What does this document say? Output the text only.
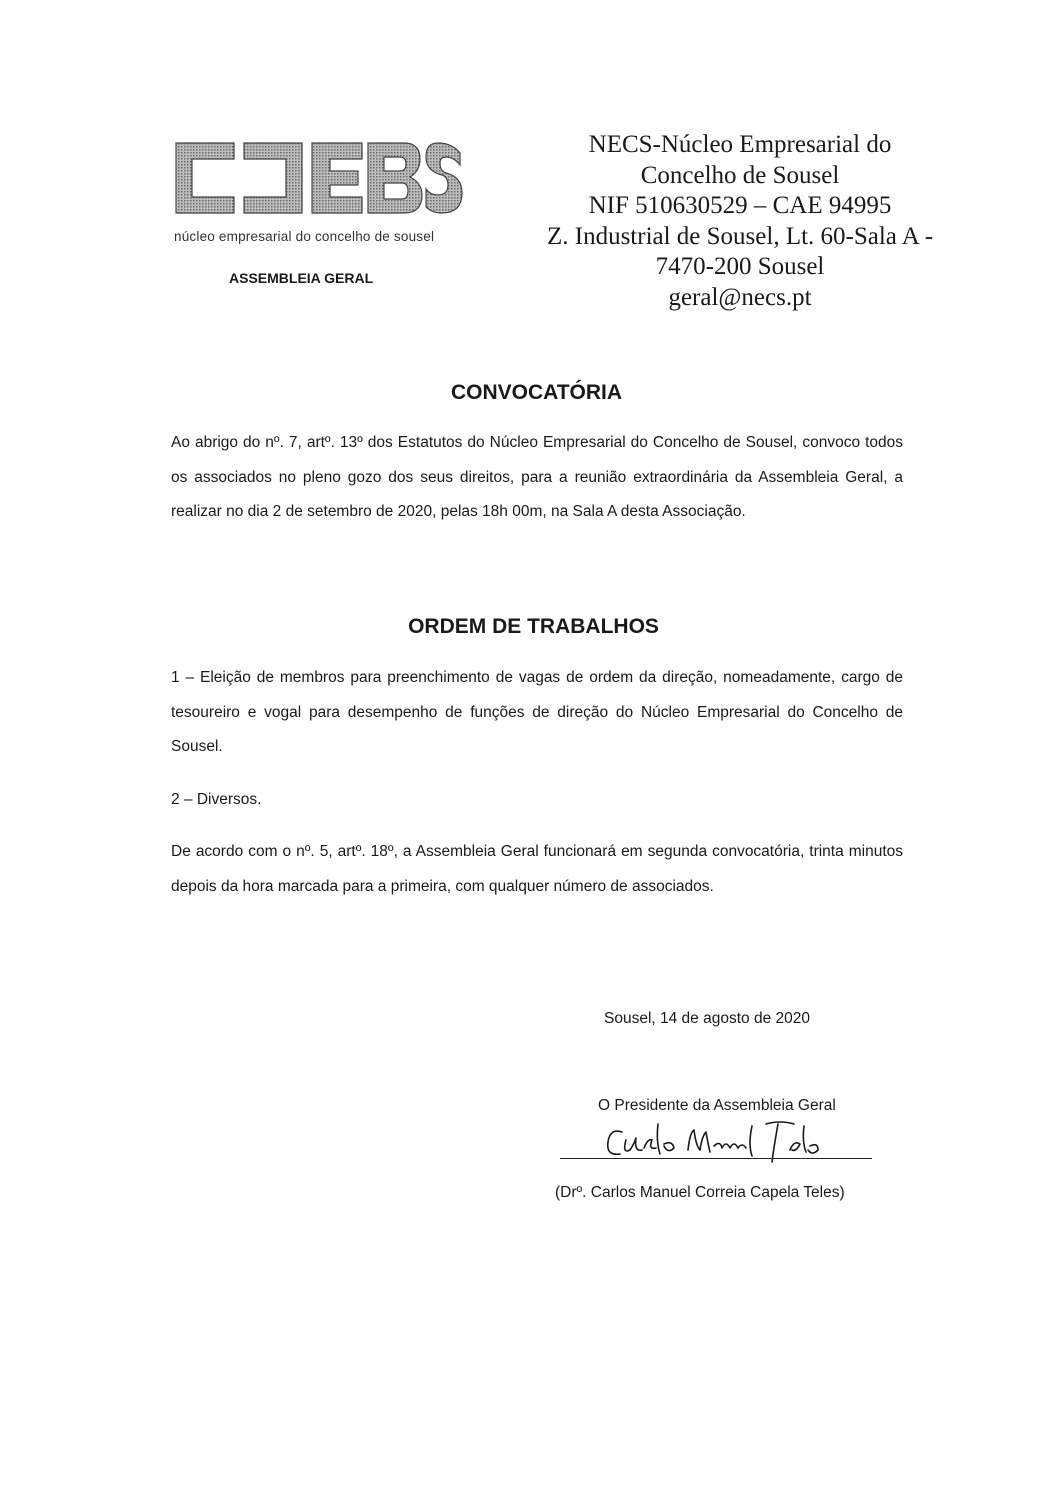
núcleo empresarial do concelho de sousel
ASSEMBLEIA GERAL
NECS-Núcleo Empresarial do
Concelho de Sousel
NIF 510630529 – CAE 94995
Z. Industrial de Sousel, Lt. 60-Sala A -
7470-200 Sousel
geral@necs.pt
CONVOCATÓRIA
Ao abrigo do nº. 7, artº. 13º dos Estatutos do Núcleo Empresarial do Concelho de Sousel, convoco todos os associados no pleno gozo dos seus direitos, para a reunião extraordinária da Assembleia Geral, a realizar no dia 2 de setembro de 2020, pelas 18h 00m, na Sala A desta Associação.
ORDEM DE TRABALHOS
1 – Eleição de membros para preenchimento de vagas de ordem da direção, nomeadamente, cargo de tesoureiro e vogal para desempenho de funções de direção do Núcleo Empresarial do Concelho de Sousel.
2 – Diversos.
De acordo com o nº. 5, artº. 18º, a Assembleia Geral funcionará em segunda convocatória, trinta minutos depois da hora marcada para a primeira, com qualquer número de associados.
Sousel, 14 de agosto de 2020
O Presidente da Assembleia Geral
(Drº. Carlos Manuel Correia Capela Teles)
